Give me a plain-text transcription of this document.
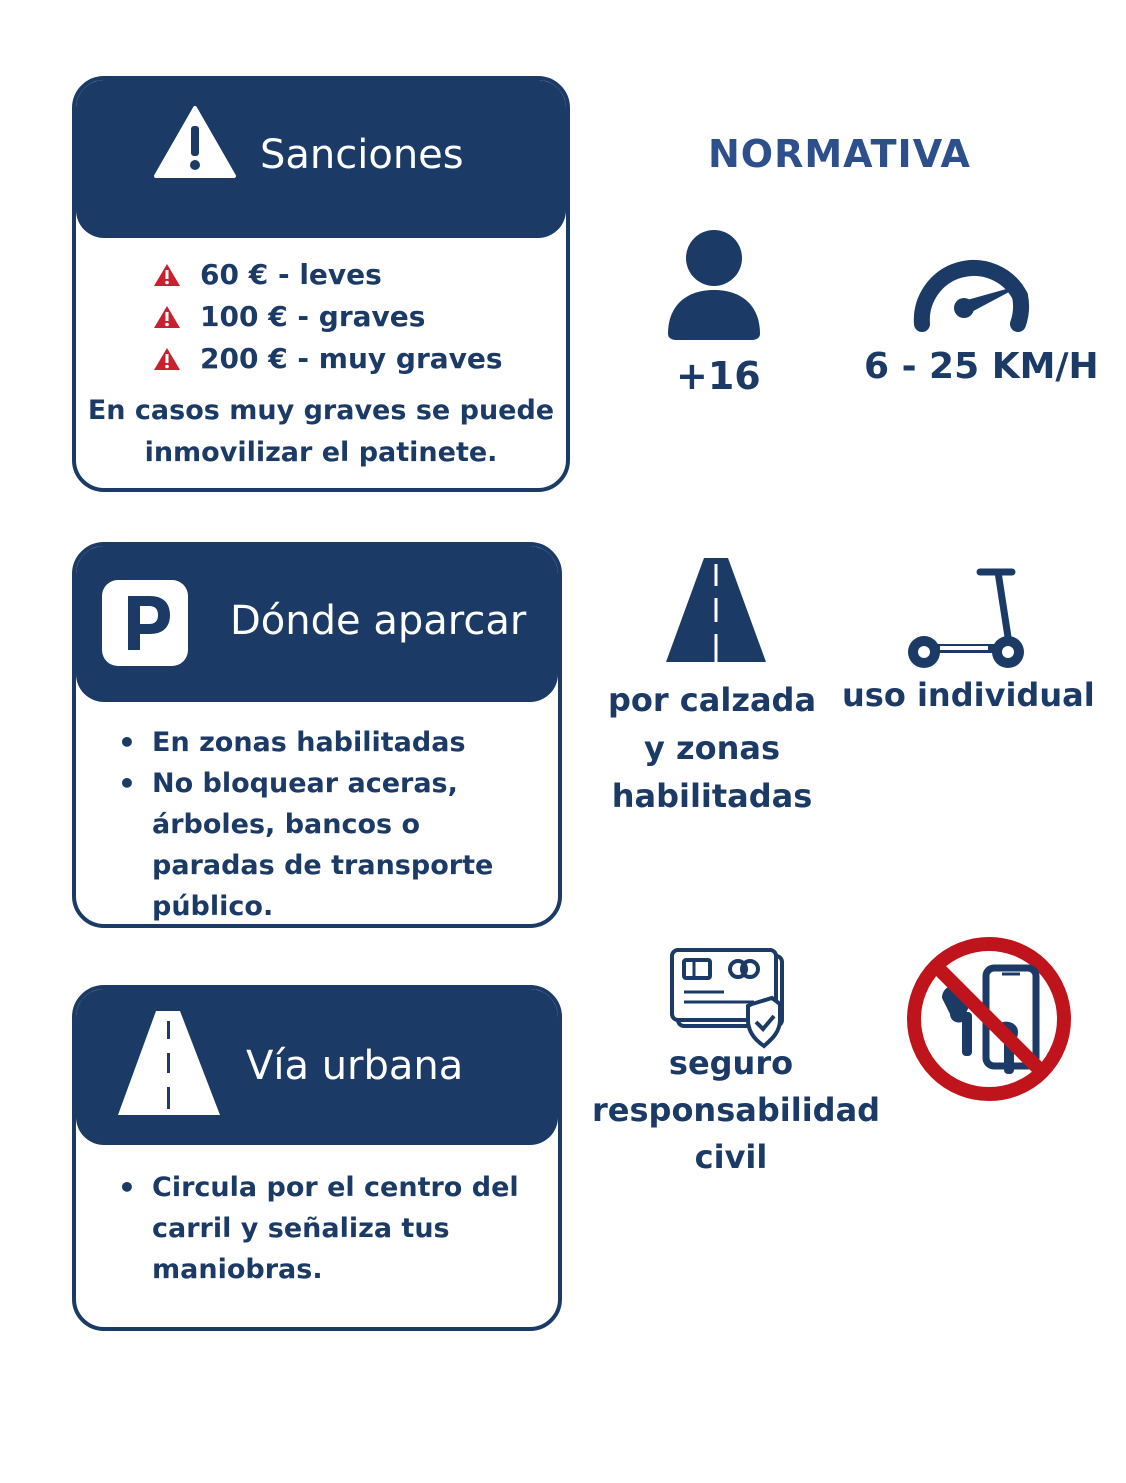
NORMATIVA
Sanciones
60 € - leves
100 € - graves
200 € - muy graves
En casos muy graves se puede
inmovilizar el patinete.
Dónde aparcar
• En zonas habilitadas
• No bloquear aceras, árboles, bancos o paradas de transporte público.
Vía urbana
• Circula por el centro del carril y señaliza tus maniobras.
+16	6 - 25 KM/H
por calzada
y zonas
habilitadas
uso individual
seguro
responsabilidad
civil
